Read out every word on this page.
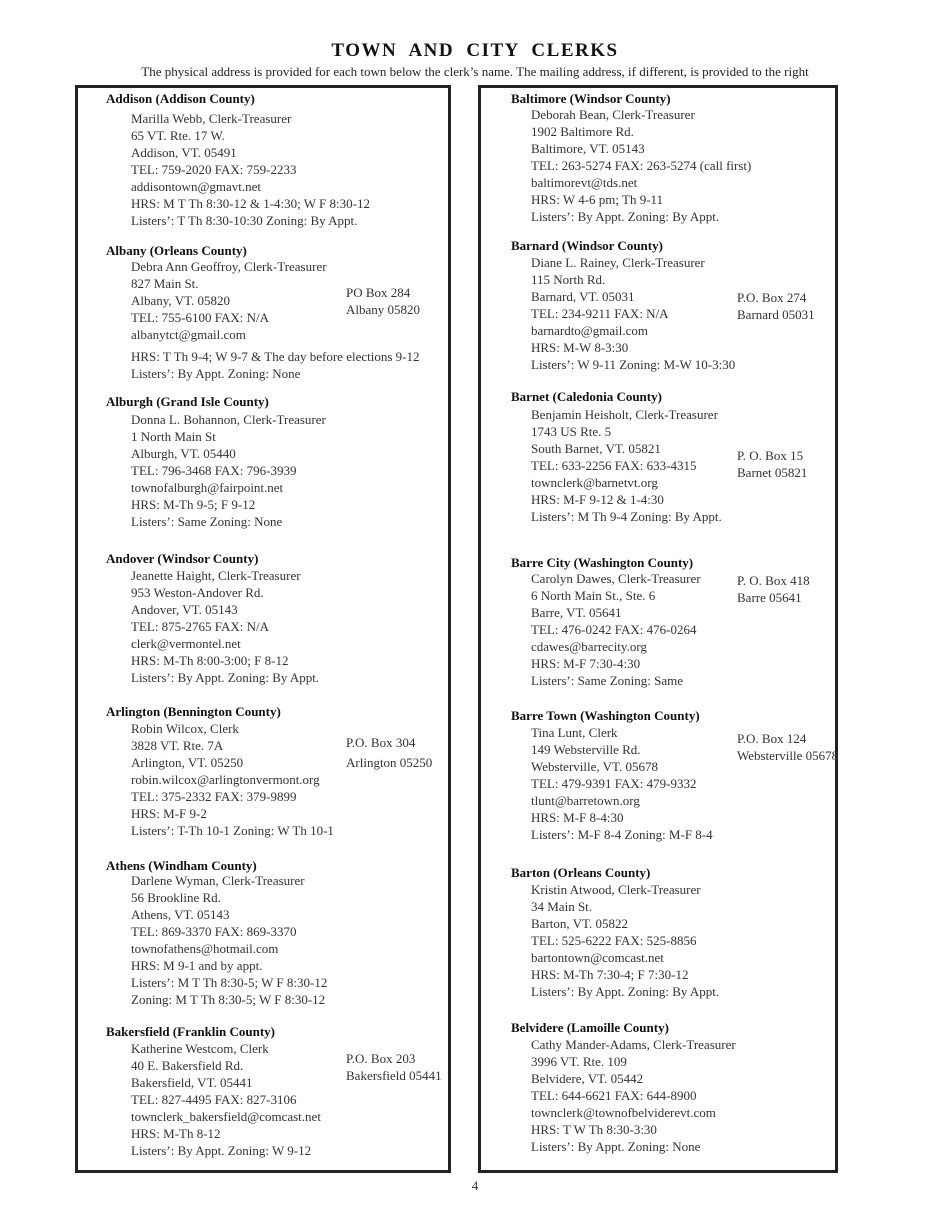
TOWN AND CITY CLERKS
The physical address is provided for each town below the clerk’s name. The mailing address, if different, is provided to the right
Addison (Addison County)
Marilla Webb, Clerk-Treasurer
65 VT. Rte. 17 W.
Addison, VT. 05491
TEL: 759-2020 FAX: 759-2233
addisontown@gmavt.net
HRS: M T Th 8:30-12 & 1-4:30; W F 8:30-12
Listers’: T Th 8:30-10:30 Zoning: By Appt.
Albany (Orleans County)
Debra Ann Geoffroy, Clerk-Treasurer
827 Main St.
Albany, VT. 05820
TEL: 755-6100 FAX: N/A
albanytct@gmail.com
HRS: T Th 9-4; W 9-7 & The day before elections 9-12
Listers’: By Appt. Zoning: None
PO Box 284
Albany 05820
Alburgh (Grand Isle County)
Donna L. Bohannon, Clerk-Treasurer
1 North Main St
Alburgh, VT. 05440
TEL: 796-3468 FAX: 796-3939
townofalburgh@fairpoint.net
HRS: M-Th 9-5; F 9-12
Listers’: Same Zoning: None
Andover (Windsor County)
Jeanette Haight, Clerk-Treasurer
953 Weston-Andover Rd.
Andover, VT. 05143
TEL: 875-2765 FAX: N/A
clerk@vermontel.net
HRS: M-Th 8:00-3:00; F 8-12
Listers’: By Appt. Zoning: By Appt.
Arlington (Bennington County)
Robin Wilcox, Clerk
3828 VT. Rte. 7A
Arlington, VT. 05250
robin.wilcox@arlingtonvermont.org
TEL: 375-2332 FAX: 379-9899
HRS: M-F 9-2
Listers’: T-Th 10-1 Zoning: W Th 10-1
P.O. Box 304
Arlington 05250
Athens (Windham County)
Darlene Wyman, Clerk-Treasurer
56 Brookline Rd.
Athens, VT. 05143
TEL: 869-3370 FAX: 869-3370
townofathens@hotmail.com
HRS: M 9-1 and by appt.
Listers’: M T Th 8:30-5; W F 8:30-12
Zoning: M T Th 8:30-5; W F 8:30-12
Bakersfield (Franklin County)
Katherine Westcom, Clerk
40 E. Bakersfield Rd.
Bakersfield, VT. 05441
TEL: 827-4495 FAX: 827-3106
townclerk_bakersfield@comcast.net
HRS: M-Th 8-12
Listers’: By Appt. Zoning: W 9-12
P.O. Box 203
Bakersfield 05441
Baltimore (Windsor County)
Deborah Bean, Clerk-Treasurer
1902 Baltimore Rd.
Baltimore, VT. 05143
TEL: 263-5274 FAX: 263-5274 (call first)
baltimorevt@tds.net
HRS: W 4-6 pm; Th 9-11
Listers’: By Appt. Zoning: By Appt.
Barnard (Windsor County)
Diane L. Rainey, Clerk-Treasurer
115 North Rd.
Barnard, VT. 05031
TEL: 234-9211 FAX: N/A
barnardto@gmail.com
HRS: M-W 8-3:30
Listers’: W 9-11 Zoning: M-W 10-3:30
P.O. Box 274
Barnard 05031
Barnet (Caledonia County)
Benjamin Heisholt, Clerk-Treasurer
1743 US Rte. 5
South Barnet, VT. 05821
TEL: 633-2256 FAX: 633-4315
townclerk@barnetvt.org
HRS: M-F 9-12 & 1-4:30
Listers’: M Th 9-4 Zoning: By Appt.
P. O. Box 15
Barnet 05821
Barre City (Washington County)
Carolyn Dawes, Clerk-Treasurer
6 North Main St., Ste. 6
Barre, VT. 05641
TEL: 476-0242 FAX: 476-0264
cdawes@barrecity.org
HRS: M-F 7:30-4:30
Listers’: Same Zoning: Same
P. O. Box 418
Barre 05641
Barre Town (Washington County)
Tina Lunt, Clerk
149 Websterville Rd.
Websterville, VT. 05678
TEL: 479-9391 FAX: 479-9332
tlunt@barretown.org
HRS: M-F 8-4:30
Listers’: M-F 8-4 Zoning: M-F 8-4
P.O. Box 124
Websterville 05678
Barton (Orleans County)
Kristin Atwood, Clerk-Treasurer
34 Main St.
Barton, VT. 05822
TEL: 525-6222 FAX: 525-8856
bartontown@comcast.net
HRS: M-Th 7:30-4; F 7:30-12
Listers’: By Appt. Zoning: By Appt.
Belvidere (Lamoille County)
Cathy Mander-Adams, Clerk-Treasurer
3996 VT. Rte. 109
Belvidere, VT. 05442
TEL: 644-6621 FAX: 644-8900
townclerk@townofbelviderevt.com
HRS: T W Th 8:30-3:30
Listers’: By Appt. Zoning: None
4
